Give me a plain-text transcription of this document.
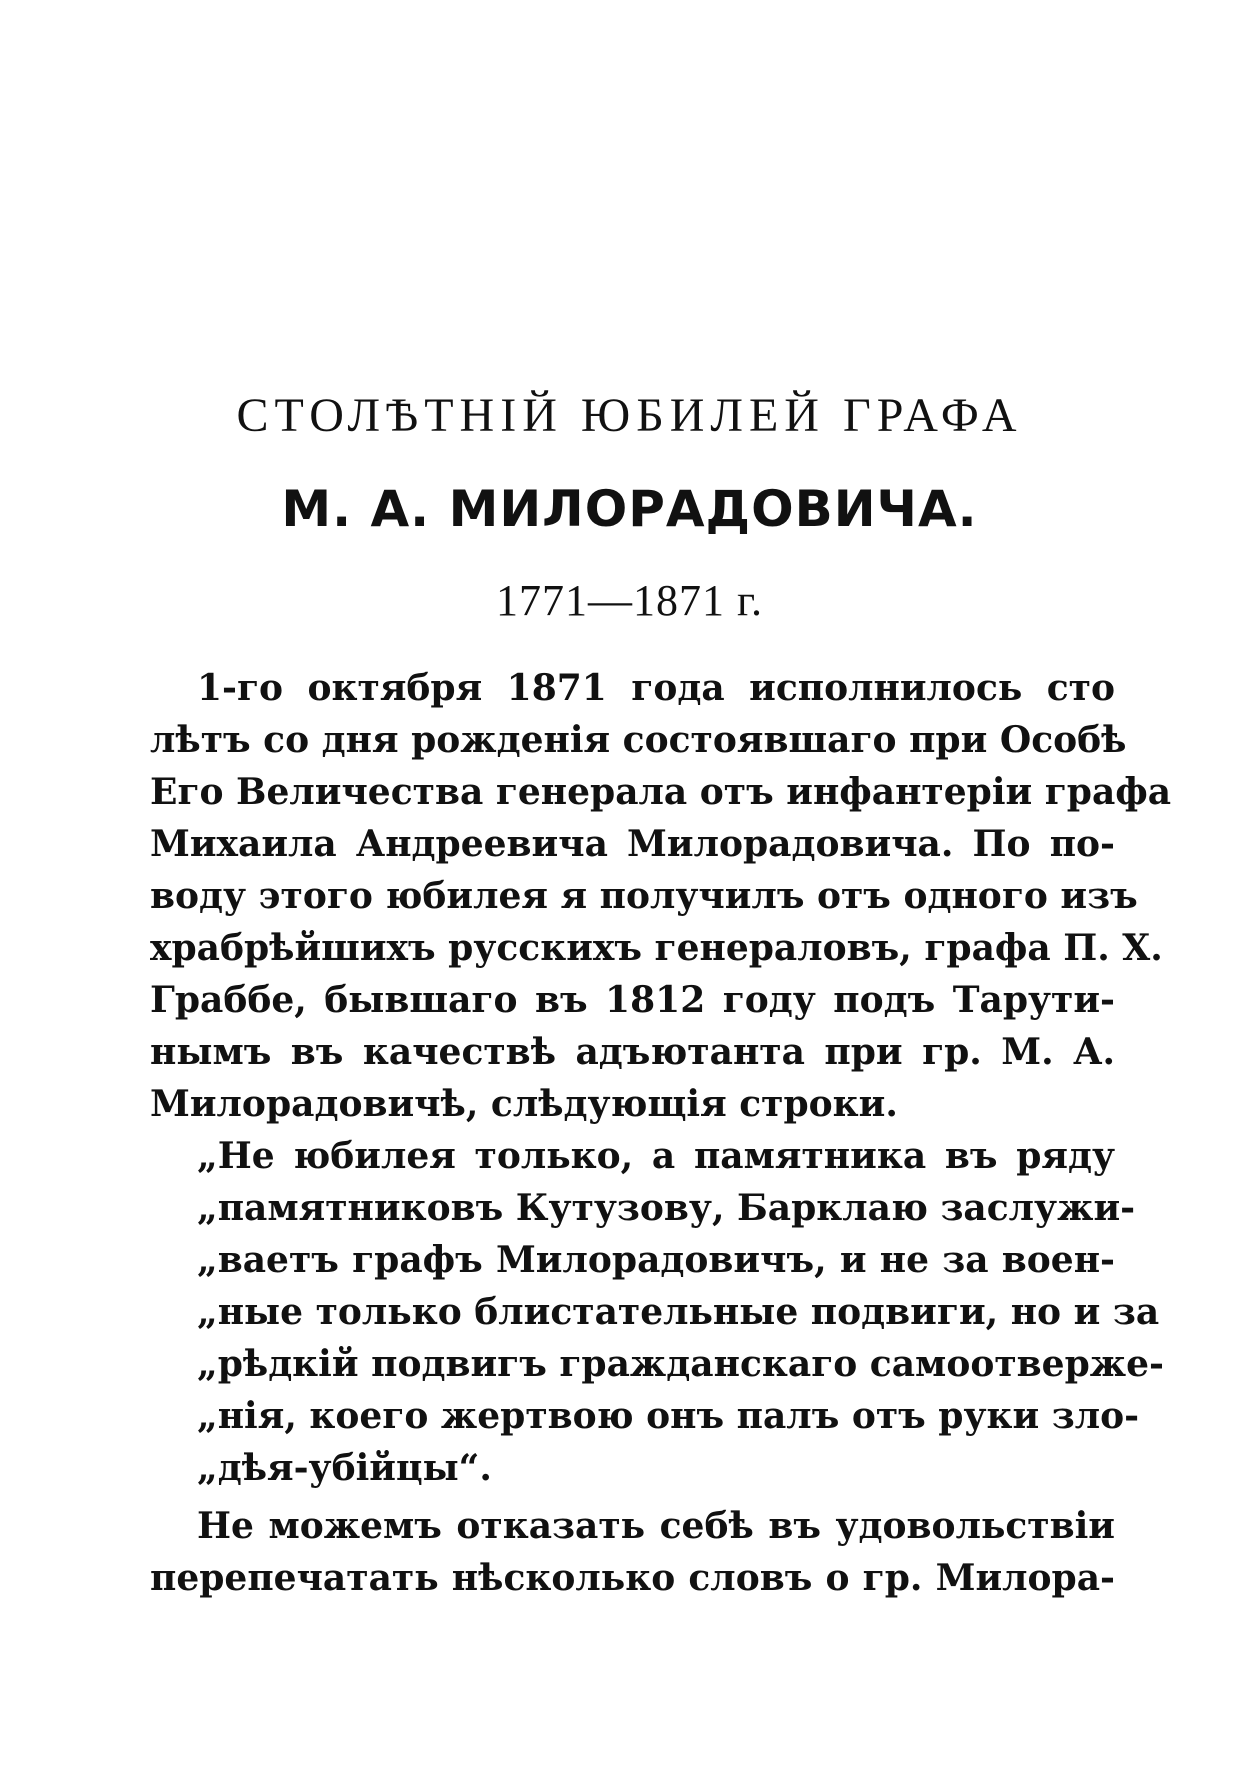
СТОЛѢТНІЙ ЮБИЛЕЙ ГРАФА
М. А. МИЛОРАДОВИЧА.
1771—1871 г.
1-го октября 1871 года исполнилось сто
лѣтъ со дня рожденія состоявшаго при Особѣ
Его Величества генерала отъ инфантеріи графа
Михаила Андреевича Милорадовича. По по-
воду этого юбилея я получилъ отъ одного изъ
храбрѣйшихъ русскихъ генераловъ, графа П. Х.
Граббе, бывшаго въ 1812 году подъ Тарути-
нымъ въ качествѣ адъютанта при гр. М. А.
Милорадовичѣ, слѣдующія строки.
„Не юбилея только, а памятника въ ряду
„памятниковъ Кутузову, Барклаю заслужи-
„ваетъ графъ Милорадовичъ, и не за воен-
„ные только блистательные подвиги, но и за
„рѣдкій подвигъ гражданскаго самоотверже-
„нія, коего жертвою онъ палъ отъ руки зло-
„дѣя-убійцы“.
Не можемъ отказать себѣ въ удовольствіи
перепечатать нѣсколько словъ о гр. Милора-
